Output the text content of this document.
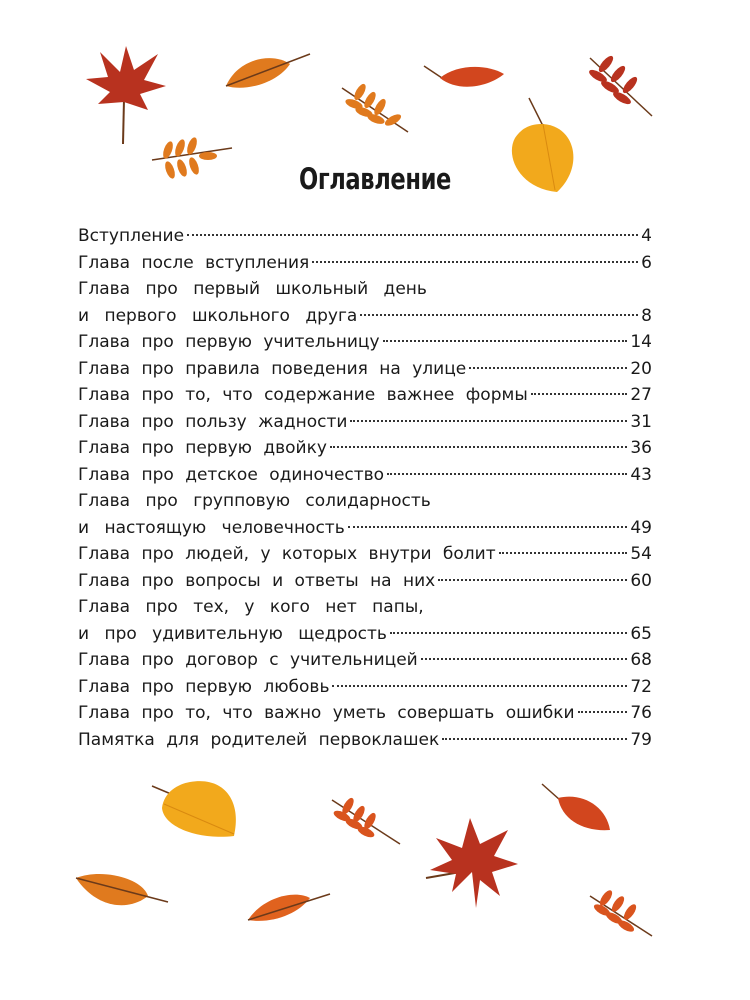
Оглавление
Вступление	4
Глава после вступления	6
Глава про первый школьный день
и первого школьного друга	8
Глава про первую учительницу	14
Глава про правила поведения на улице	20
Глава про то, что содержание важнее формы	27
Глава про пользу жадности	31
Глава про первую двойку	36
Глава про детское одиночество	43
Глава про групповую солидарность
и настоящую человечность	49
Глава про людей, у которых внутри болит	54
Глава про вопросы и ответы на них	60
Глава про тех, у кого нет папы,
и про удивительную щедрость	65
Глава про договор с учительницей	68
Глава про первую любовь	72
Глава про то, что важно уметь совершать ошибки	76
Памятка для родителей первоклашек	79
